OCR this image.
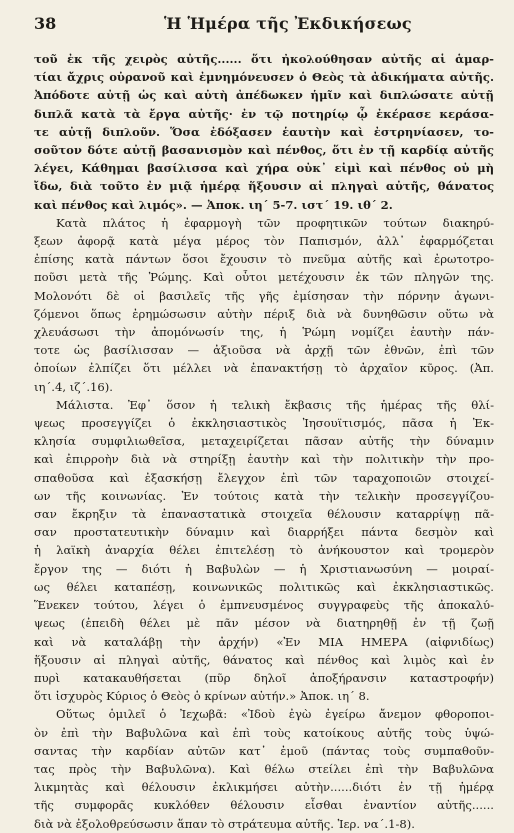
38	Ἡ Ἡμέρα τῆς Ἐκδικήσεως
τοῦ ἐκ τῆς χειρὸς αὐτῆς...... ὅτι ἠκολούθησαν αὐτῆς αἱ ἁμαρ-
τίαι ἄχρις οὐρανοῦ καὶ ἐμνημόνευσεν ὁ Θεὸς τὰ ἀδικήματα αὐτῆς.
Ἀπόδοτε αὐτῇ ὡς καὶ αὐτὴ ἀπέδωκεν ἡμῖν καὶ διπλώσατε αὐτῇ
διπλᾶ κατὰ τὰ ἔργα αὐτῆς· ἐν τῷ ποτηρίῳ ᾧ ἐκέρασε κεράσα-
τε αὐτῇ διπλοῦν. Ὅσα ἐδόξασεν ἑαυτὴν καὶ ἐστρηνίασεν, το-
σοῦτον δότε αὐτῇ βασανισμὸν καὶ πένθος, ὅτι ἐν τῇ καρδίᾳ αὐτῆς
λέγει, Κάθημαι βασίλισσα καὶ χήρα οὐκ᾽ εἰμὶ καὶ πένθος οὐ μὴ
ἴδω, διὰ τοῦτο ἐν μιᾷ ἡμέρᾳ ἥξουσιν αἱ πληγαὶ αὐτῆς, θάνατος
καὶ πένθος καὶ λιμός». — Ἀποκ. ιη΄ 5-7. ιστ΄ 19. ιθ΄ 2.
Κατὰ πλάτος ἡ ἐφαρμογὴ τῶν προφητικῶν τούτων διακηρύ-
ξεων ἀφορᾷ κατὰ μέγα μέρος τὸν Παπισμόν, ἀλλ᾽ ἐφαρμόζεται
ἐπίσης κατὰ πάντων ὅσοι ἔχουσιν τὸ πνεῦμα αὐτῆς καὶ ἐρωτοτρο-
ποῦσι μετὰ τῆς Ῥώμης. Καὶ οὗτοι μετέχουσιν ἐκ τῶν πληγῶν της.
Μολονότι δὲ οἱ βασιλεῖς τῆς γῆς ἐμίσησαν τὴν πόρνην ἀγωνι-
ζόμενοι ὅπως ἐρημώσωσιν αὐτὴν πέριξ διὰ νὰ δυνηθῶσιν οὕτω νὰ
χλευάσωσι τὴν ἀπομόνωσίν της, ἡ Ῥώμη νομίζει ἑαυτὴν πάν-
τοτε ὡς βασίλισσαν — ἀξιοῦσα νὰ ἀρχῇ τῶν ἐθνῶν, ἐπὶ τῶν
ὁποίων ἐλπίζει ὅτι μέλλει νὰ ἐπανακτήσῃ τὸ ἀρχαῖον κῦρος. (Ἀπ.
ιη΄.4, ιζ΄.16).
Μάλιστα. Ἐφ᾽ ὅσον ἡ τελικὴ ἔκβασις τῆς ἡμέρας τῆς θλί-
ψεως προσεγγίζει ὁ ἐκκλησιαστικὸς Ἰησουϊτισμός, πᾶσα ἡ Ἐκ-
κλησία συμφιλιωθεῖσα, μεταχειρίζεται πᾶσαν αὐτῆς τὴν δύναμιν
καὶ ἐπιρροὴν διὰ νὰ στηρίξῃ ἑαυτὴν καὶ τὴν πολιτικὴν τὴν προ-
σπαθοῦσα καὶ ἐξασκήσῃ ἔλεγχον ἐπὶ τῶν ταραχοποιῶν στοιχεί-
ων τῆς κοινωνίας. Ἐν τούτοις κατὰ τὴν τελικὴν προσεγγίζου-
σαν ἔκρηξιν τὰ ἐπαναστατικὰ στοιχεῖα θέλουσιν καταρρίψῃ πᾶ-
σαν προστατευτικὴν δύναμιν καὶ διαρρήξει πάντα δεσμὸν καὶ
ἡ λαϊκὴ ἀναρχία θέλει ἐπιτελέσῃ τὸ ἀνήκουστον καὶ τρομερὸν
ἔργον της — διότι ἡ Βαβυλὼν — ἡ Χριστιανωσύνη — μοιραί-
ως θέλει καταπέσῃ, κοινωνικῶς πολιτικῶς καὶ ἐκκλησιαστικῶς.
Ἕνεκεν τούτου, λέγει ὁ ἐμπνευσμένος συγγραφεὺς τῆς ἀποκαλύ-
ψεως (ἐπειδὴ θέλει μὲ πᾶν μέσον νὰ διατηρηθῇ ἐν τῇ ζωῇ
καὶ νὰ καταλάβῃ τὴν ἀρχήν) «Ἐν ΜΙΑ ΗΜΕΡΑ (αἰφνιδίως)
ἥξουσιν αἱ πληγαὶ αὐτῆς, θάνατος καὶ πένθος καὶ λιμὸς καὶ ἐν
πυρὶ κατακαυθήσεται (πῦρ δηλοῖ ἀποξήρανσιν καταστροφήν)
ὅτι ἰσχυρὸς Κύριος ὁ Θεὸς ὁ κρίνων αὐτήν.» Ἀποκ. ιη΄ 8.
Οὕτως ὁμιλεῖ ὁ Ἰεχωβᾶ: «Ἰδοὺ ἐγὼ ἐγείρω ἄνεμον φθοροποι-
ὸν ἐπὶ τὴν Βαβυλῶνα καὶ ἐπὶ τοὺς κατοίκους αὐτῆς τοὺς ὑψώ-
σαντας τὴν καρδίαν αὐτῶν κατ᾽ ἐμοῦ (πάντας τοὺς συμπαθοῦν-
τας πρὸς τὴν Βαβυλῶνα). Καὶ θέλω στείλει ἐπὶ τὴν Βαβυλῶνα
λικμητὰς καὶ θέλουσιν ἐκλικμήσει αὐτὴν......διότι ἐν τῇ ἡμέρᾳ
τῆς συμφορᾶς κυκλόθεν θέλουσιν εἶσθαι ἐναντίον αὐτῆς......
διὰ νὰ ἐξολοθρεύσωσιν ἅπαν τὸ στράτευμα αὐτῆς. Ἱερ. να΄.1-8).
